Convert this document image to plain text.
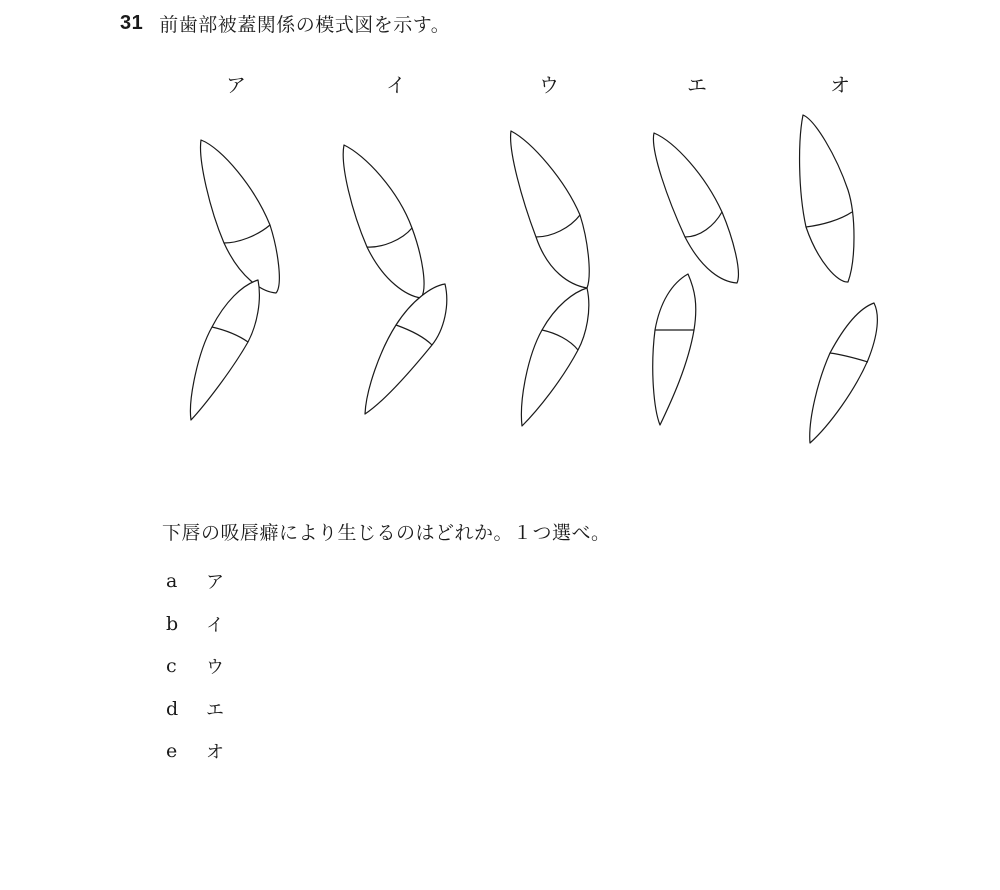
31 前歯部被蓋関係の模式図を示す。
ア	イ	ウ	エ	オ
下唇の吸唇癖により生じるのはどれか。１つ選べ。
a	ア
b	イ
c	ウ
d	エ
e	オ
